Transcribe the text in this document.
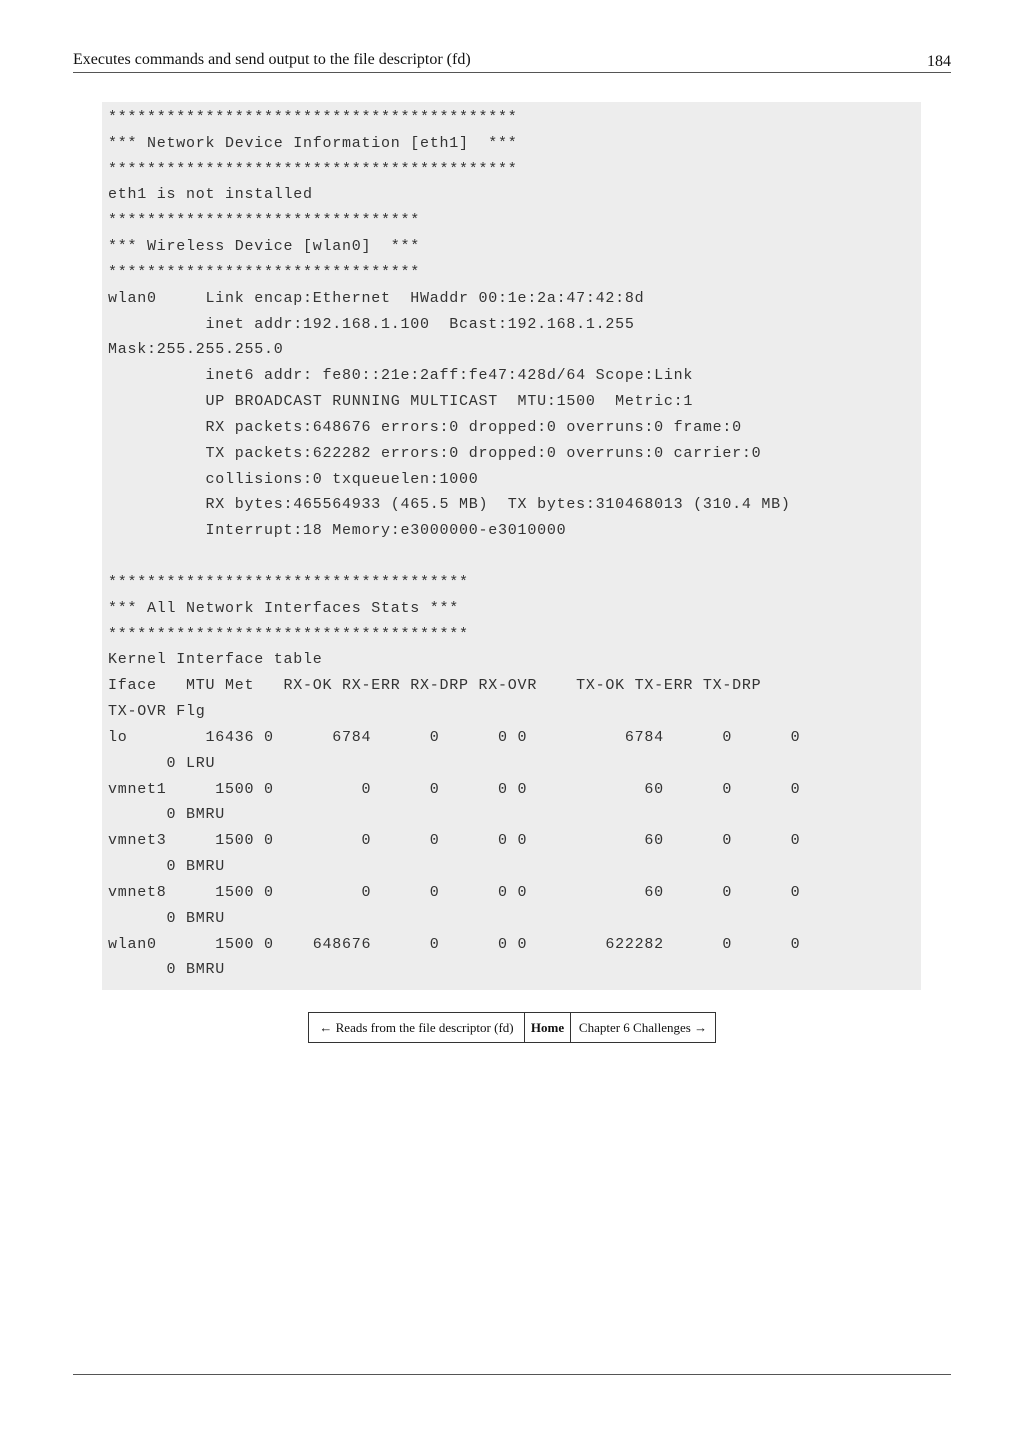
Executes commands and send output to the file descriptor (fd)	184
******************************************
*** Network Device Information [eth1]  ***
******************************************
eth1 is not installed
********************************
*** Wireless Device [wlan0]  ***
********************************
wlan0     Link encap:Ethernet  HWaddr 00:1e:2a:47:42:8d
inet addr:192.168.1.100  Bcast:192.168.1.255
Mask:255.255.255.0
inet6 addr: fe80::21e:2aff:fe47:428d/64 Scope:Link
UP BROADCAST RUNNING MULTICAST  MTU:1500  Metric:1
RX packets:648676 errors:0 dropped:0 overruns:0 frame:0
TX packets:622282 errors:0 dropped:0 overruns:0 carrier:0
collisions:0 txqueuelen:1000
RX bytes:465564933 (465.5 MB)  TX bytes:310468013 (310.4 MB)
Interrupt:18 Memory:e3000000-e3010000
*************************************
*** All Network Interfaces Stats ***
*************************************
Kernel Interface table
Iface   MTU Met   RX-OK RX-ERR RX-DRP RX-OVR    TX-OK TX-ERR TX-DRP
TX-OVR Flg
lo        16436 0      6784      0      0 0          6784      0      0
0 LRU
vmnet1     1500 0         0      0      0 0            60      0      0
0 BMRU
vmnet3     1500 0         0      0      0 0            60      0      0
0 BMRU
vmnet8     1500 0         0      0      0 0            60      0      0
0 BMRU
wlan0      1500 0    648676      0      0 0        622282      0      0
0 BMRU
← Reads from the file descriptor (fd)	Home	Chapter 6 Challenges →
